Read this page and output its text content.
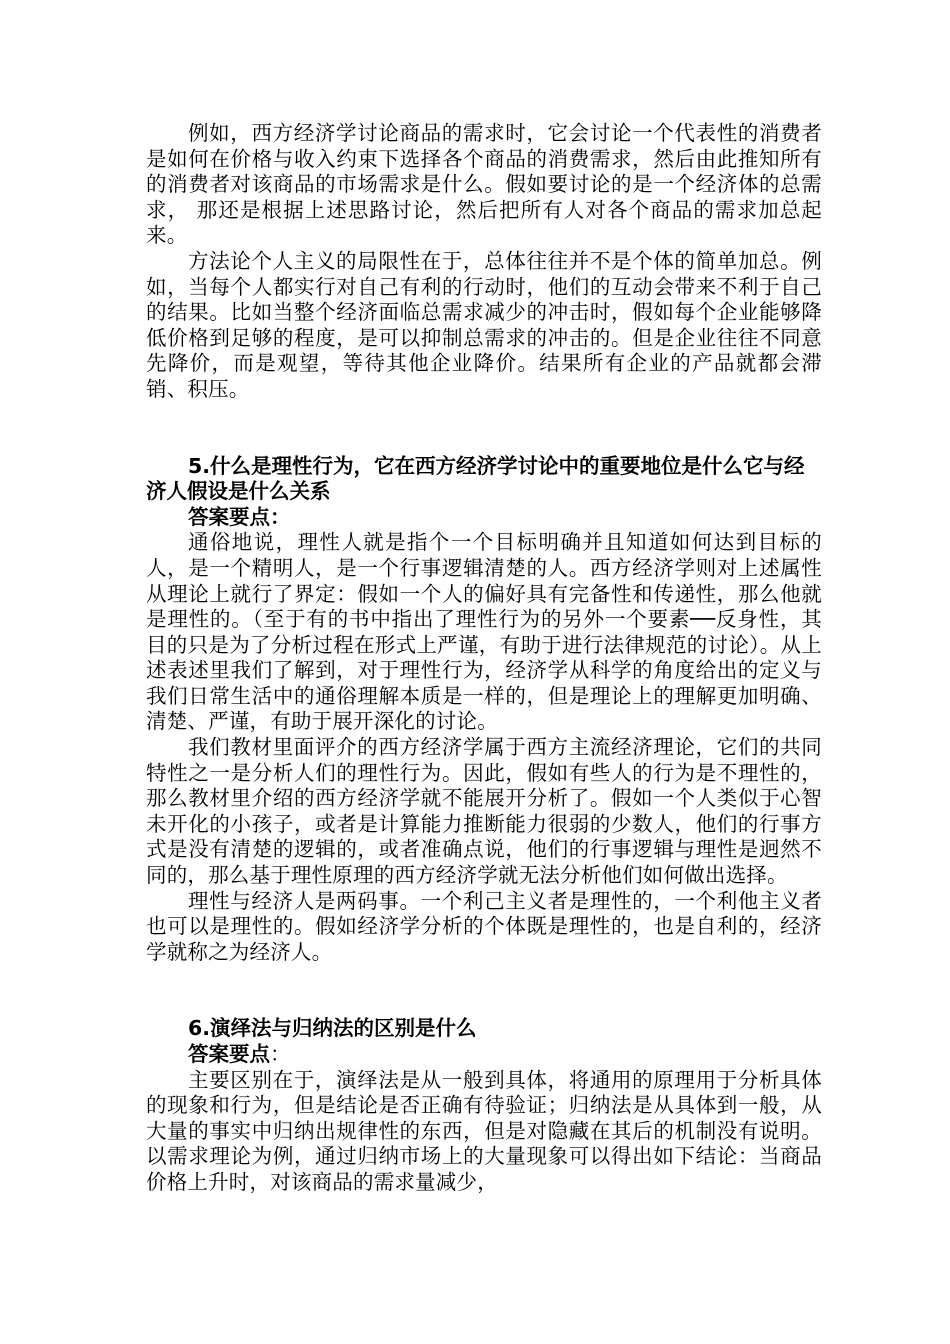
例如，西方经济学讨论商品的需求时，它会讨论一个代表性的消费者是如何在价格与收入约束下选择各个商品的消费需求，然后由此推知所有的消费者对该商品的市场需求是什么。假如要讨论的是一个经济体的总需求， 那还是根据上述思路讨论，然后把所有人对各个商品的需求加总起来。

方法论个人主义的局限性在于，总体往往并不是个体的简单加总。例如，当每个人都实行对自己有利的行动时，他们的互动会带来不利于自己的结果。比如当整个经济面临总需求减少的冲击时，假如每个企业能够降低价格到足够的程度，是可以抑制总需求的冲击的。但是企业往往不同意先降价，而是观望，等待其他企业降价。结果所有企业的产品就都会滞销、积压。

5.什么是理性行为，它在西方经济学讨论中的重要地位是什么它与经济人假设是什么关系

答案要点：

通俗地说，理性人就是指个一个目标明确并且知道如何达到目标的人，是一个精明人，是一个行事逻辑清楚的人。西方经济学则对上述属性从理论上就行了界定：假如一个人的偏好具有完备性和传递性，那么他就是理性的。（至于有的书中指出了理性行为的另外一个要素──反身性，其目的只是为了分析过程在形式上严谨，有助于进行法律规范的讨论）。从上述表述里我们了解到，对于理性行为，经济学从科学的角度给出的定义与我们日常生活中的通俗理解本质是一样的，但是理论上的理解更加明确、清楚、严谨，有助于展开深化的讨论。

我们教材里面评介的西方经济学属于西方主流经济理论，它们的共同特性之一是分析人们的理性行为。因此，假如有些人的行为是不理性的，那么教材里介绍的西方经济学就不能展开分析了。假如一个人类似于心智未开化的小孩子，或者是计算能力推断能力很弱的少数人，他们的行事方式是没有清楚的逻辑的，或者准确点说，他们的行事逻辑与理性是迥然不同的，那么基于理性原理的西方经济学就无法分析他们如何做出选择。

理性与经济人是两码事。一个利己主义者是理性的，一个利他主义者也可以是理性的。假如经济学分析的个体既是理性的，也是自利的，经济学就称之为经济人。

6.演绎法与归纳法的区别是什么

答案要点：

主要区别在于，演绎法是从一般到具体，将通用的原理用于分析具体的现象和行为，但是结论是否正确有待验证；归纳法是从具体到一般，从大量的事实中归纳出规律性的东西，但是对隐藏在其后的机制没有说明。以需求理论为例，通过归纳市场上的大量现象可以得出如下结论：当商品价格上升时，对该商品的需求量减少，
